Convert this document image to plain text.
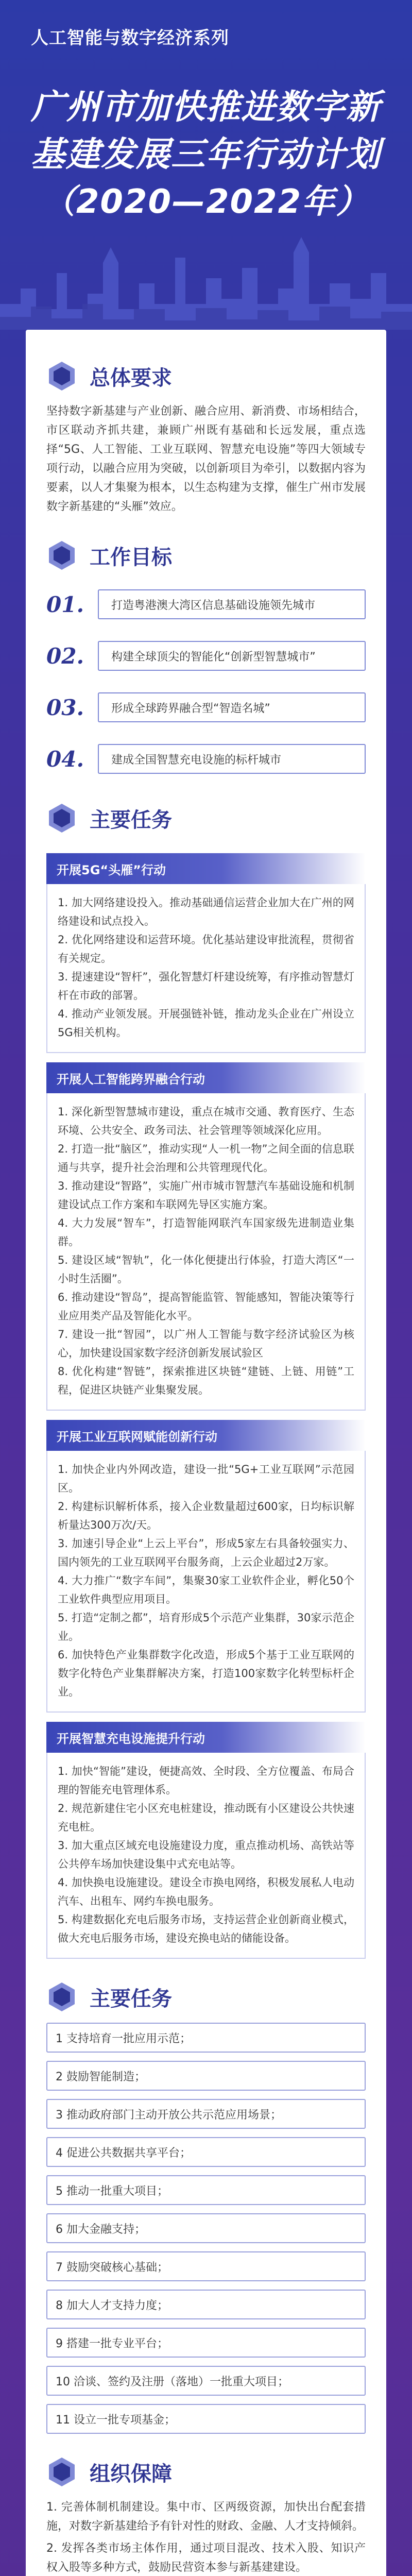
人工智能与数字经济系列
广州市加快推进数字新
基建发展三年行动计划
（2020—2022年）
总体要求

坚持数字新基建与产业创新、融合应用、新消费、市场相结合，市区联动齐抓共建，兼顾广州既有基础和长远发展，重点选择“5G、人工智能、工业互联网、智慧充电设施”等四大领域专项行动，以融合应用为突破，以创新项目为牵引，以数据内容为要素，以人才集聚为根本，以生态构建为支撑，催生广州市发展数字新基建的“头雁”效应。

工作目标
01.	打造粤港澳大湾区信息基础设施领先城市
02.	构建全球顶尖的智能化“创新型智慧城市”
03.	形成全球跨界融合型“智造名城”
04.	建成全国智慧充电设施的标杆城市
主要任务
开展5G“头雁”行动

1. 加大网络建设投入。推动基础通信运营企业加大在广州的网络建设和试点投入。

2. 优化网络建设和运营环境。优化基站建设审批流程，贯彻省有关规定。

3. 提速建设“智杆”，强化智慧灯杆建设统筹，有序推动智慧灯杆在市政的部署。

4. 推动产业领发展。开展强链补链，推动龙头企业在广州设立5G相关机构。

开展人工智能跨界融合行动

1. 深化新型智慧城市建设，重点在城市交通、教育医疗、生态环境、公共安全、政务司法、社会管理等领域深化应用。

2. 打造一批“脑区”，推动实现“人一机一物”之间全面的信息联通与共享，提升社会治理和公共管理现代化。

3. 推动建设“智路”，实施广州市城市智慧汽车基础设施和机制建设试点工作方案和车联网先导区实施方案。

4. 大力发展“智车”，打造智能网联汽车国家级先进制造业集群。

5. 建设区域“智轨”，化一体化便捷出行体验，打造大湾区“一小时生活圈”。

6. 推动建设“智岛”，提高智能监管、智能感知，智能决策等行业应用类产品及智能化水平。

7. 建设一批“智园”，以广州人工智能与数字经济试验区为核心，加快建设国家数字经济创新发展试验区

8. 优化构建“智链”，探索推进区块链“建链、上链、用链”工程，促进区块链产业集聚发展。

开展工业互联网赋能创新行动

1. 加快企业内外网改造，建设一批“5G+工业互联网”示范园区。

2. 构建标识解析体系，接入企业数量超过600家，日均标识解析量达300万次/天。

3. 加速引导企业“上云上平台”，形成5家左右具备较强实力、国内领先的工业互联网平台服务商，上云企业超过2万家。

4. 大力推广“数字车间”，集聚30家工业软件企业，孵化50个工业软件典型应用项目。

5. 打造“定制之都”，培育形成5个示范产业集群，30家示范企业。

6. 加快特色产业集群数字化改造，形成5个基于工业互联网的数字化特色产业集群解决方案，打造100家数字化转型标杆企业。

开展智慧充电设施提升行动

1. 加快“智能”建设，便捷高效、全时段、全方位覆盖、布局合理的智能充电管理体系。

2. 规范新建住宅小区充电桩建设，推动既有小区建设公共快速充电桩。

3. 加大重点区域充电设施建设力度，重点推动机场、高铁站等公共停车场加快建设集中式充电站等。

4. 加快换电设施建设。建设全市换电网络，积极发展私人电动汽车、出租车、网约车换电服务。

5. 构建数据化充电后服务市场，支持运营企业创新商业模式，做大充电后服务市场，建设充换电站的储能设备。

主要任务
1 支持培育一批应用示范；
2 鼓励智能制造；
3 推动政府部门主动开放公共示范应用场景；
4 促进公共数据共享平台；
5 推动一批重大项目；
6 加大金融支持；
7 鼓励突破核心基础；
8 加大人才支持力度；
9 搭建一批专业平台；
10 洽谈、签约及注册（落地）一批重大项目；
11 设立一批专项基金；
组织保障

1. 完善体制机制建设。集中市、区两级资源，加快出台配套措施，对数字新基建给予有针对性的财政、金融、人才支持倾斜。

2. 发挥各类市场主体作用，通过项目混改、技术入股、知识产权入股等多种方式，鼓励民营资本参与新基建建设。
